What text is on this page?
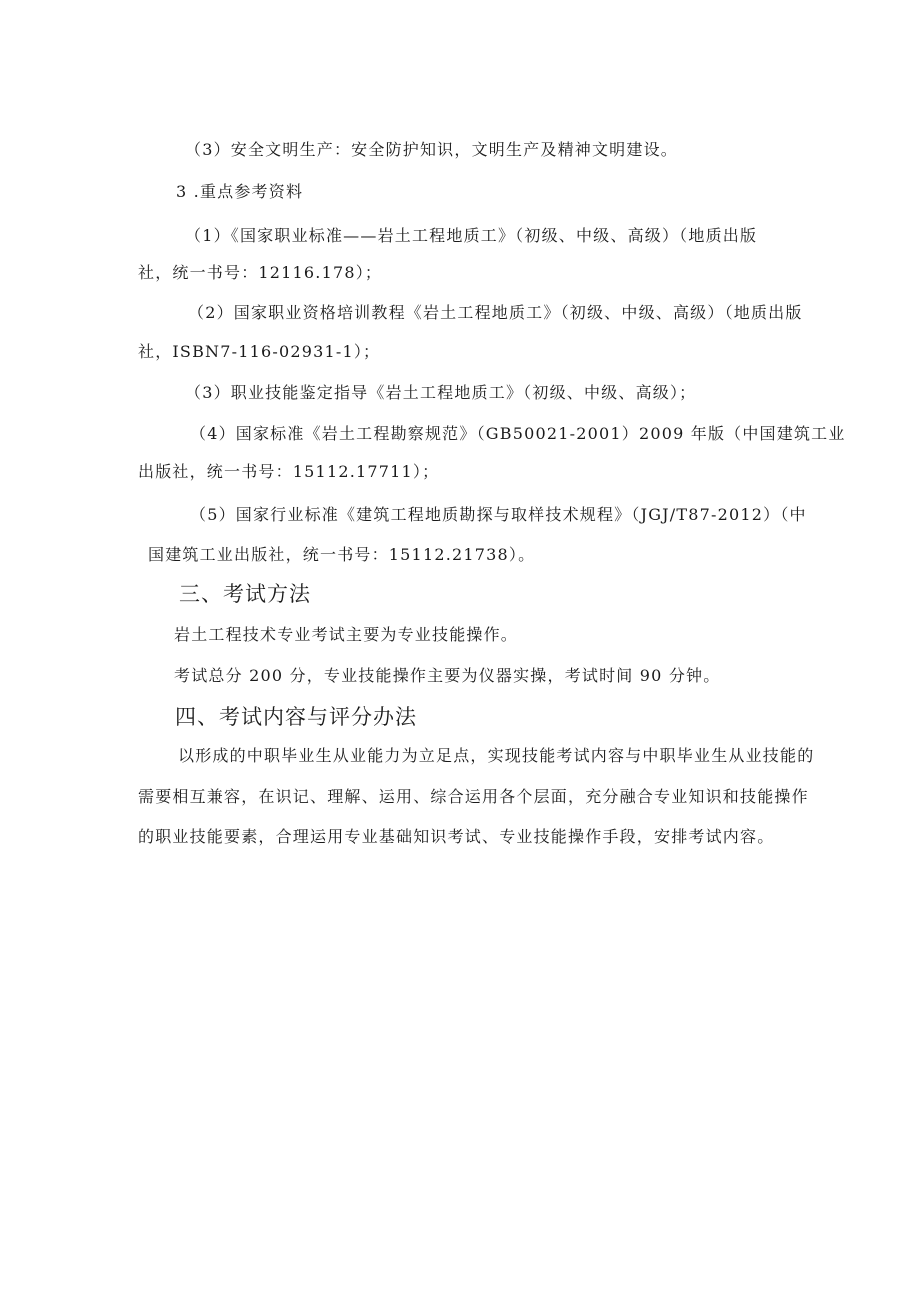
（3）安全文明生产：安全防护知识，文明生产及精神文明建设。
3 .重点参考资料
（1）《国家职业标准——岩土工程地质工》（初级、中级、高级）（地质出版
社，统一书号：12116.178）；
（2）国家职业资格培训教程《岩土工程地质工》（初级、中级、高级）（地质出版
社，ISBN7-116-02931-1）；
（3）职业技能鉴定指导《岩土工程地质工》（初级、中级、高级）；
（4）国家标准《岩土工程勘察规范》（GB50021-2001）2009 年版（中国建筑工业
出版社，统一书号：15112.17711）；
（5）国家行业标准《建筑工程地质勘探与取样技术规程》（JGJ/T87-2012）（中
国建筑工业出版社，统一书号：15112.21738）。
三、考试方法
岩土工程技术专业考试主要为专业技能操作。
考试总分 200 分，专业技能操作主要为仪器实操，考试时间 90 分钟。
四、考试内容与评分办法
以形成的中职毕业生从业能力为立足点，实现技能考试内容与中职毕业生从业技能的
需要相互兼容，在识记、理解、运用、综合运用各个层面，充分融合专业知识和技能操作
的职业技能要素，合理运用专业基础知识考试、专业技能操作手段，安排考试内容。
